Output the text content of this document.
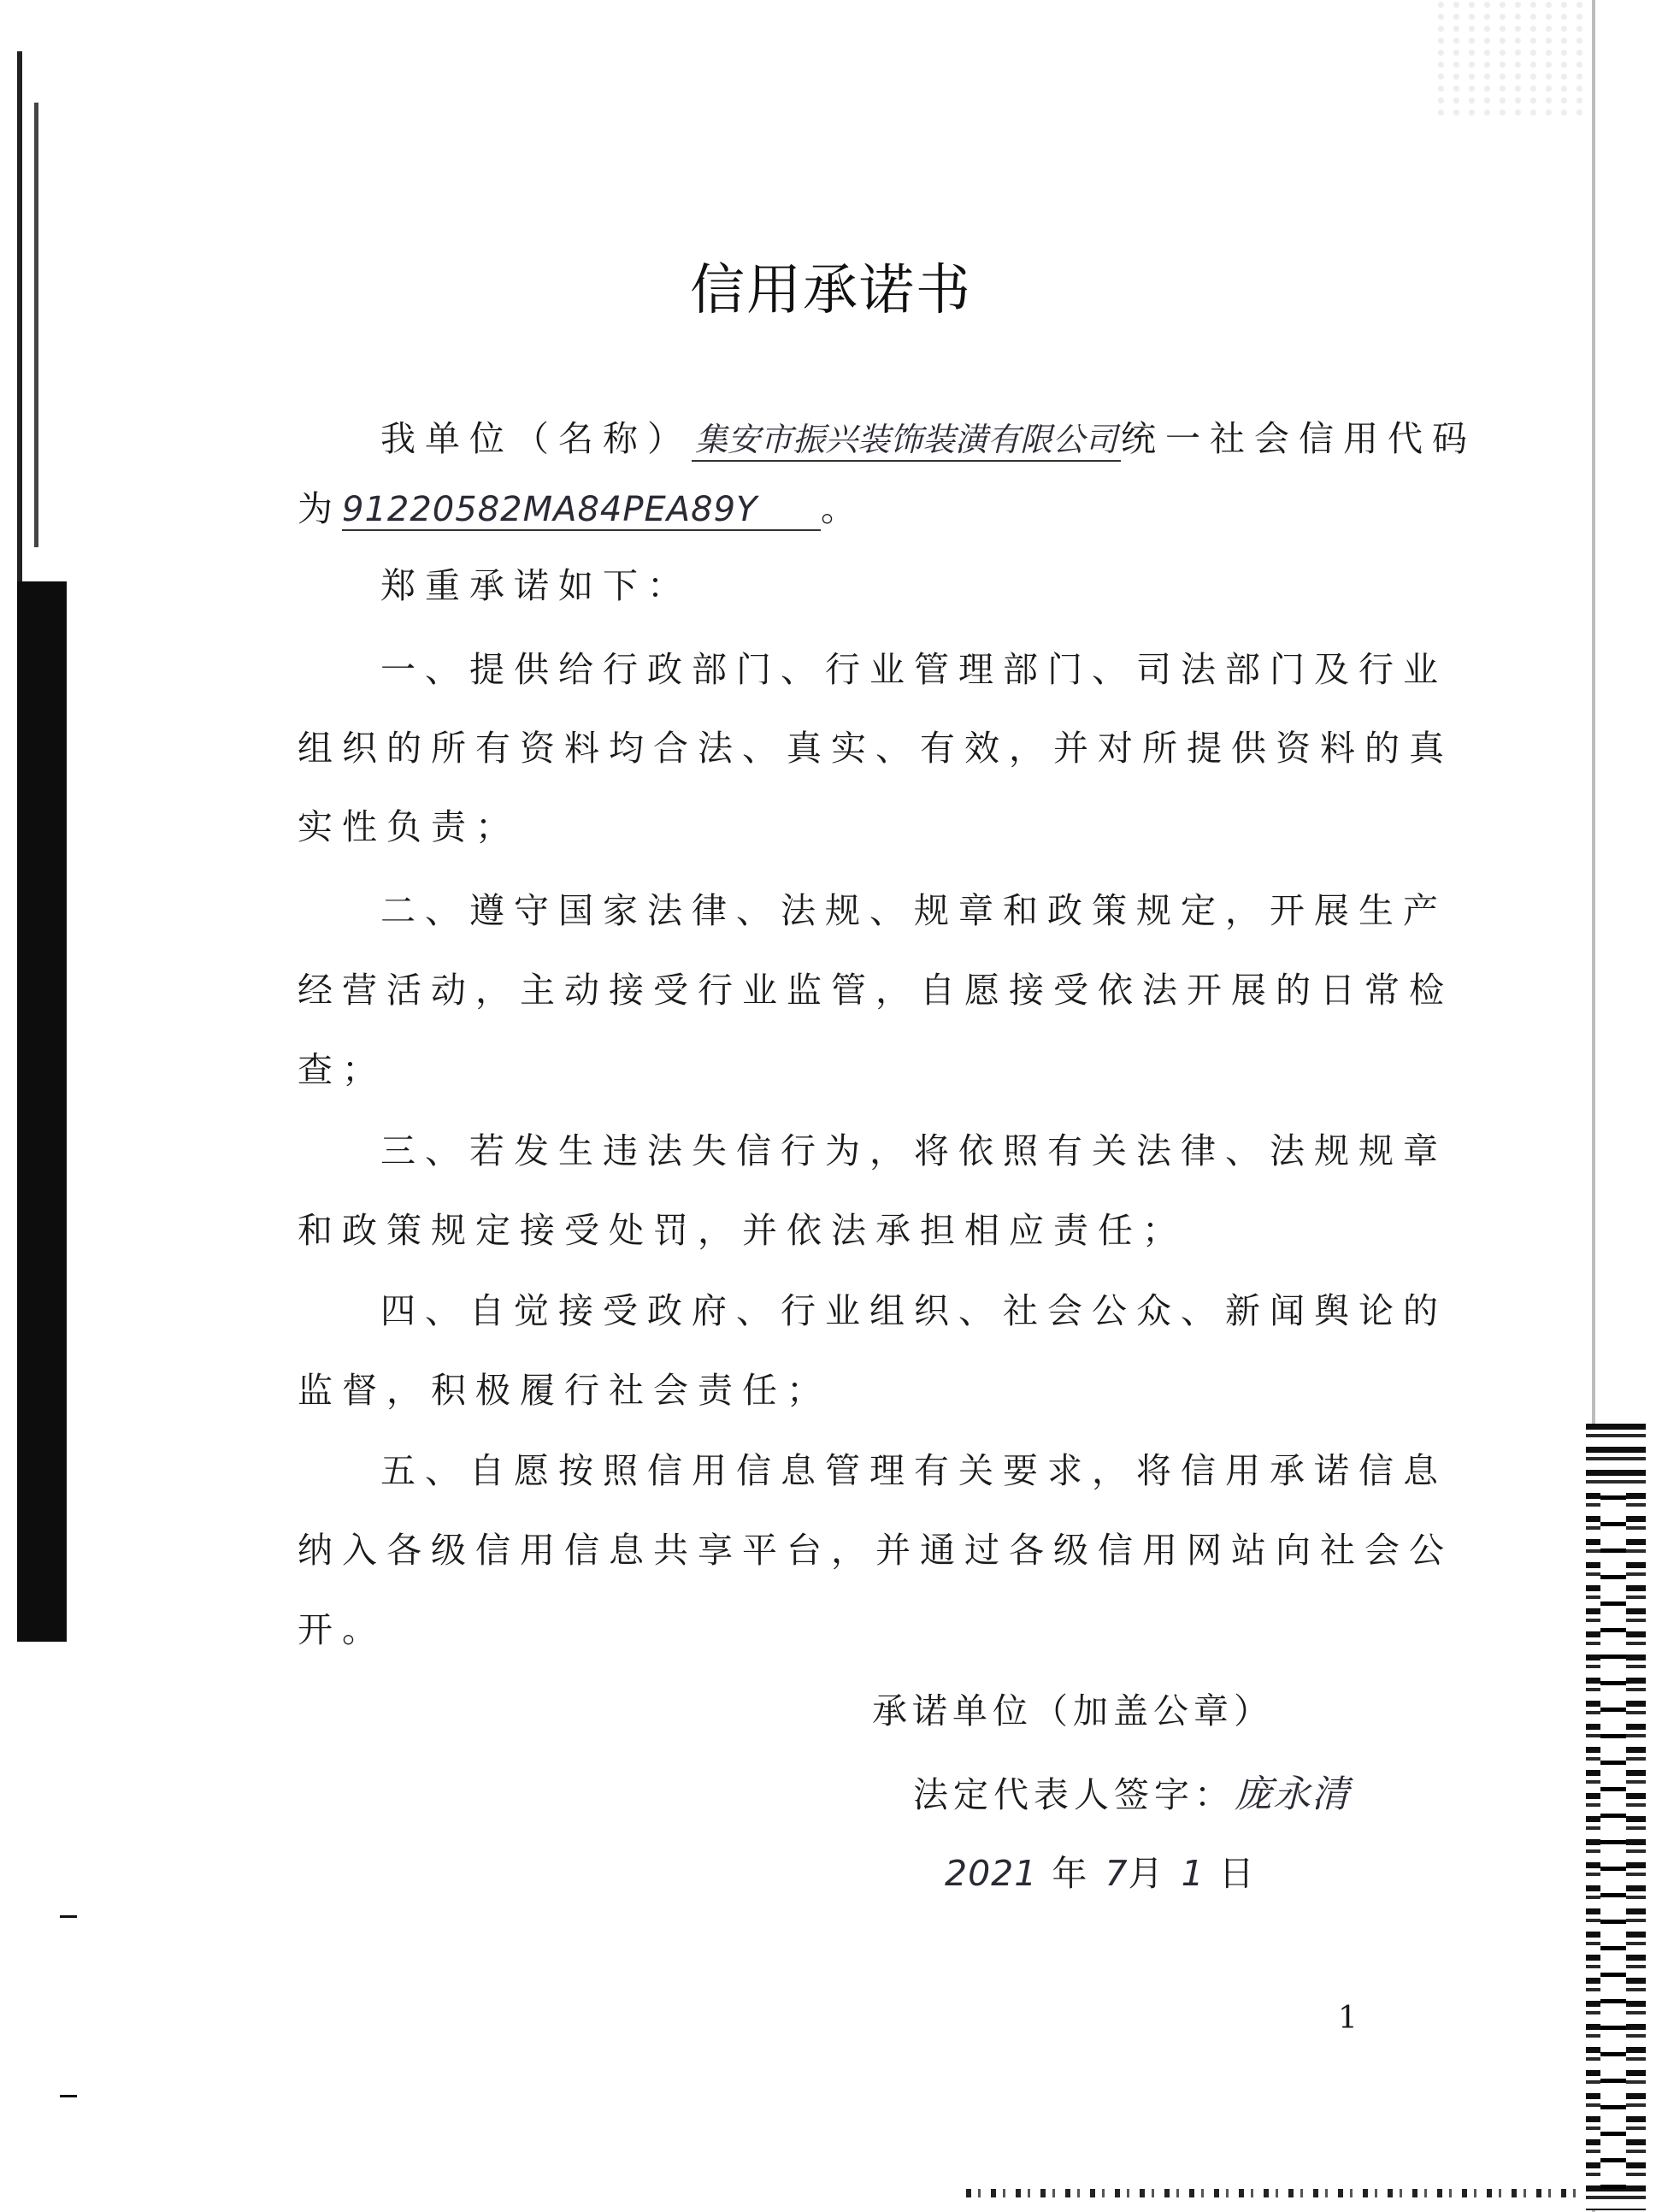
信用承诺书
我单位（名称） 集安市振兴装饰装潢有限公司统一社会信用代码
为91220582MA84PEA89Y 。
郑重承诺如下：
一、提供给行政部门、行业管理部门、司法部门及行业
组织的所有资料均合法、真实、有效，并对所提供资料的真
实性负责；
二、遵守国家法律、法规、规章和政策规定，开展生产
经营活动，主动接受行业监管，自愿接受依法开展的日常检
查；
三、若发生违法失信行为，将依照有关法律、法规规章
和政策规定接受处罚，并依法承担相应责任；
四、自觉接受政府、行业组织、社会公众、新闻舆论的
监督，积极履行社会责任；
五、自愿按照信用信息管理有关要求，将信用承诺信息
纳入各级信用信息共享平台，并通过各级信用网站向社会公
开。
承诺单位（加盖公章）
法定代表人签字：庞永清
2021 年 7月 1 日
1
